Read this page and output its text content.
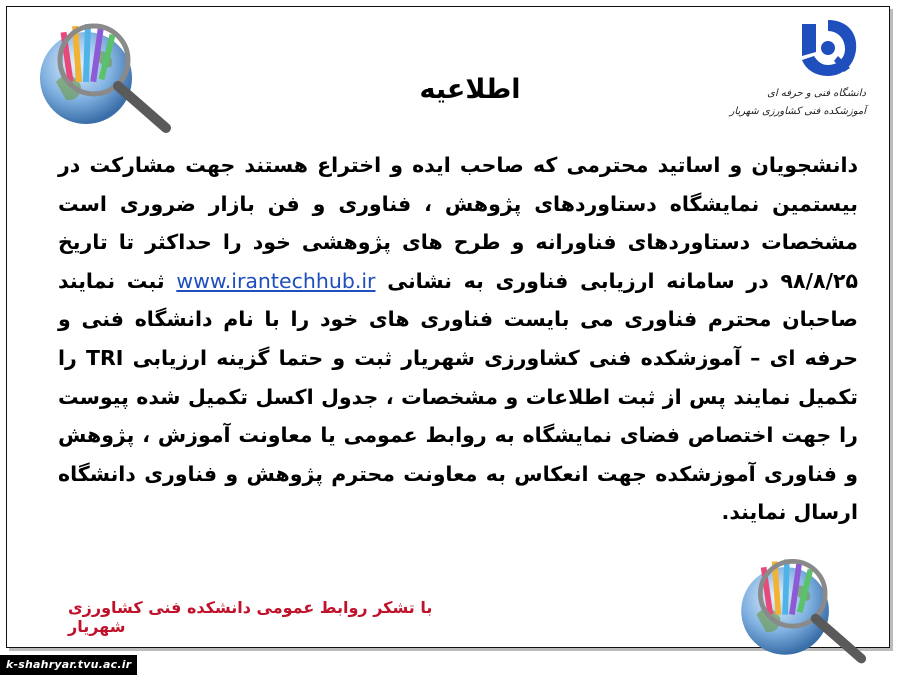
دانشگاه فنی و حرفه ای
آموزشکده فنی کشاورزی شهریار
اطلاعیه
دانشجویان و اساتید محترمی که صاحب ایده و اختراع هستند جهت مشارکت در بیستمین نمایشگاه دستاوردهای پژوهش ، فناوری و فن بازار ضروری است مشخصات دستاوردهای فناورانه و طرح های پژوهشی خود را حداکثر تا تاریخ ۹۸/۸/۲۵ در سامانه ارزیابی فناوری به نشانی www.irantechhub.ir ثبت نمایند صاحبان محترم فناوری می بایست فناوری های خود را با نام دانشگاه فنی و حرفه ای – آموزشکده فنی کشاورزی شهریار ثبت و حتما گزینه ارزیابی TRI را تکمیل نمایند پس از ثبت اطلاعات و مشخصات ، جدول اکسل تکمیل شده پیوست را جهت اختصاص فضای نمایشگاه به روابط عمومی یا معاونت آموزش ، پژوهش و فناوری آموزشکده جهت انعکاس به معاونت محترم پژوهش و فناوری دانشگاه ارسال نمایند.
با تشکر روابط عمومی دانشکده فنی کشاورزی شهریار
k-shahryar.tvu.ac.ir
